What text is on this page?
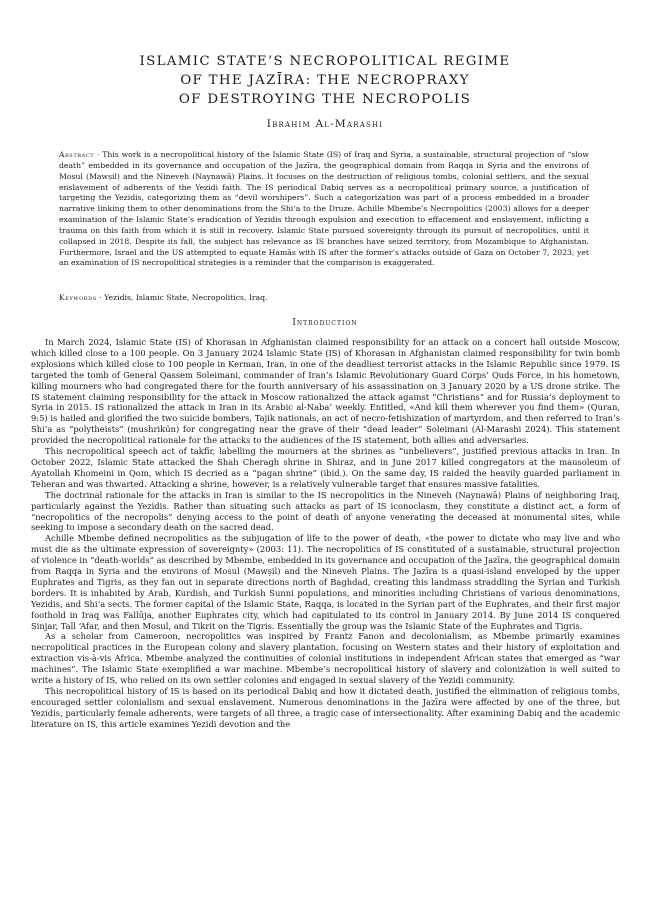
ISLAMIC STATE’S NECROPOLITICAL REGIME
OF THE JAZĪRA: THE NECROPRAXY
OF DESTROYING THE NECROPOLIS
Ibrahim Al-Marashi
Abstract · This work is a necropolitical history of the Islamic State (IS) of Iraq and Syria, a sustainable, structural projection of “slow death” embedded in its governance and occupation of the Jazīra, the geographical domain from Raqqa in Syria and the environs of Mosul (Mawṣil) and the Nineveh (Naynawā) Plains. It focuses on the destruction of religious tombs, colonial settlers, and the sexual enslavement of adherents of the Yezidi faith. The IS periodical Dabiq serves as a necropolitical primary source, a justification of targeting the Yezidis, categorizing them as “devil worshipers”. Such a categorization was part of a process embedded in a broader narrative linking them to other denominations from the Shi‘a to the Druze. Achille Mbembe’s Necropolitics (2003) allows for a deeper examination of the Islamic State’s eradication of Yezidis through expulsion and execution to effacement and enslavement, inflicting a trauma on this faith from which it is still in recovery. Islamic State pursued sovereignty through its pursuit of necropolitics, until it collapsed in 2018. Despite its fall, the subject has relevance as IS branches have seized territory, from Mozambique to Afghanistan. Furthermore, Israel and the US attempted to equate Ḥamās with IS after the former’s attacks outside of Gaza on October 7, 2023, yet an examination of IS necropolitical strategies is a reminder that the comparison is exaggerated.
Keywords · Yezidis, Islamic State, Necropolitics, Iraq.
Introduction

In March 2024, Islamic State (IS) of Khorasan in Afghanistan claimed responsibility for an attack on a concert hall outside Moscow, which killed close to a 100 people. On 3 January 2024 Islamic State (IS) of Khorasan in Afghanistan claimed responsibility for twin bomb explosions which killed close to 100 people in Kerman, Iran, in one of the deadliest terrorist attacks in the Islamic Republic since 1979. IS targeted the tomb of General Qassem Soleimani, commander of Iran’s Islamic Revolutionary Guard Corps’ Quds Force, in his hometown, killing mourners who had congregated there for the fourth anniversary of his assassination on 3 January 2020 by a US drone strike. The IS statement claiming responsibility for the attack in Moscow rationalized the attack against “Christians” and for Russia’s deployment to Syria in 2015. IS rationalized the attack in Iran in its Arabic al-Naba’ weekly. Entitled, «And kill them wherever you find them» (Quran, 9:5) is hailed and glorified the two suicide bombers, Tajik nationals, an act of necro-fetishization of martyrdom, and then referred to Iran’s Shi‘a as “polytheists” (mushrikūn) for congregating near the grave of their “dead leader” Soleimani (Al-Marashi 2024). This statement provided the necropolitical rationale for the attacks to the audiences of the IS statement, both allies and adversaries.

This necropolitical speech act of takfīr, labelling the mourners at the shrines as “unbelievers”, justified previous attacks in Iran. In October 2022, Islamic State attacked the Shah Cheragh shrine in Shiraz, and in June 2017 killed congregators at the mausoleum of Ayatollah Khomeini in Qom, which IS decried as a “pagan shrine” (ibid.). On the same day, IS raided the heavily guarded parliament in Teheran and was thwarted. Attacking a shrine, however, is a relatively vulnerable target that ensures massive fatalities.

The doctrinal rationale for the attacks in Iran is similar to the IS necropolitics in the Nineveh (Naynawā) Plains of neighboring Iraq, particularly against the Yezidis. Rather than situating such attacks as part of IS iconoclasm, they constitute a distinct act, a form of “necropolitics of the necropolis” denying access to the point of death of anyone venerating the deceased at monumental sites, while seeking to impose a secondary death on the sacred dead.

Achille Mbembe defined necropolitics as the subjugation of life to the power of death, «the power to dictate who may live and who must die as the ultimate expression of sovereignty» (2003: 11). The necropolitics of IS constituted of a sustainable, structural projection of violence in “death-worlds” as described by Mbembe, embedded in its governance and occupation of the Jazīra, the geographical domain from Raqqa in Syria and the environs of Mosul (Mawṣil) and the Nineveh Plains. The Jazīra is a quasi-island enveloped by the upper Euphrates and Tigris, as they fan out in separate directions north of Baghdad, creating this landmass straddling the Syrian and Turkish borders. It is inhabited by Arab, Kurdish, and Turkish Sunni populations, and minorities including Christians of various denominations, Yezidis, and Shi‘a sects. The former capital of the Islamic State, Raqqa, is located in the Syrian part of the Euphrates, and their first major foothold in Iraq was Fallūja, another Euphrates city, which had capitulated to its control in January 2014. By June 2014 IS conquered Sinjar, Tall ‘Afar, and then Mosul, and Tikrit on the Tigris. Essentially the group was the Islamic State of the Euphrates and Tigris.

As a scholar from Cameroon, necropolitics was inspired by Frantz Fanon and decolonialism, as Mbembe primarily examines necropolitical practices in the European colony and slavery plantation, focusing on Western states and their history of exploitation and extraction vis-à-vis Africa. Mbembe analyzed the continuities of colonial institutions in independent African states that emerged as “war machines”. The Islamic State exemplified a war machine. Mbembe’s necropolitical history of slavery and colonization is well suited to write a history of IS, who relied on its own settler colonies and engaged in sexual slavery of the Yezidi community.

This necropolitical history of IS is based on its periodical Dabiq and how it dictated death, justified the elimination of religious tombs, encouraged settler colonialism and sexual enslavement. Numerous denominations in the Jazīra were affected by one of the three, but Yezidis, particularly female adherents, were targets of all three, a tragic case of intersectionality. After examining Dabiq and the academic literature on IS, this article examines Yezidi devotion and the
